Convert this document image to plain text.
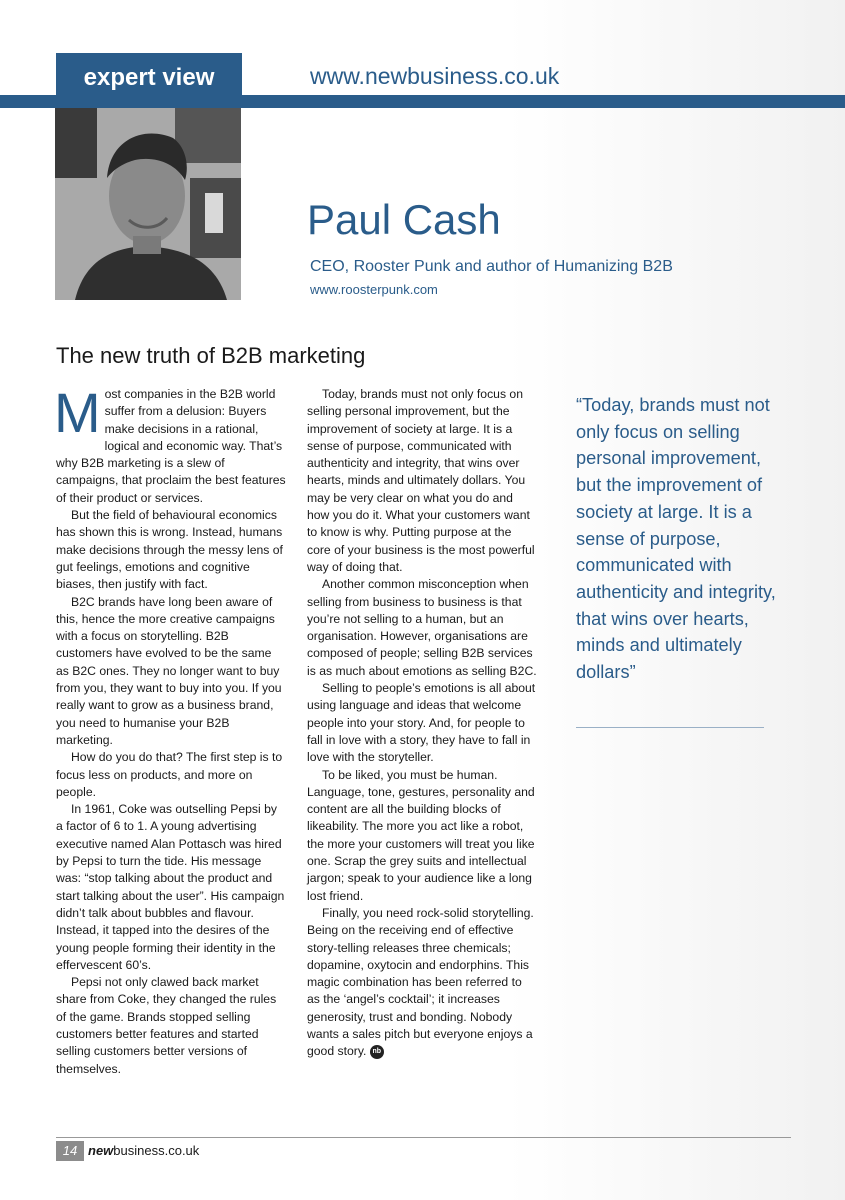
expert view	www.newbusiness.co.uk
Paul Cash
CEO, Rooster Punk and author of Humanizing B2B
www.roosterpunk.com
The new truth of B2B marketing

Most companies in the B2B world suffer from a delusion: Buyers make decisions in a rational, logical and economic way. That’s why B2B marketing is a slew of campaigns, that proclaim the best features of their product or services.

But the field of behavioural economics has shown this is wrong. Instead, humans make decisions through the messy lens of gut feelings, emotions and cognitive biases, then justify with fact.

B2C brands have long been aware of this, hence the more creative campaigns with a focus on storytelling. B2B customers have evolved to be the same as B2C ones. They no longer want to buy from you, they want to buy into you. If you really want to grow as a business brand, you need to humanise your B2B marketing.

How do you do that? The first step is to focus less on products, and more on people.

In 1961, Coke was outselling Pepsi by a factor of 6 to 1. A young advertising executive named Alan Pottasch was hired by Pepsi to turn the tide. His message was: “stop talking about the product and start talking about the user”. His campaign didn’t talk about bubbles and flavour. Instead, it tapped into the desires of the young people forming their identity in the effervescent 60’s.

Pepsi not only clawed back market share from Coke, they changed the rules of the game. Brands stopped selling customers better features and started selling customers better versions of themselves.

Today, brands must not only focus on selling personal improvement, but the improvement of society at large. It is a sense of purpose, communicated with authenticity and integrity, that wins over hearts, minds and ultimately dollars. You may be very clear on what you do and how you do it. What your customers want to know is why. Putting purpose at the core of your business is the most powerful way of doing that.

Another common misconception when selling from business to business is that you’re not selling to a human, but an organisation. However, organisations are composed of people; selling B2B services is as much about emotions as selling B2C.

Selling to people’s emotions is all about using language and ideas that welcome people into your story. And, for people to fall in love with a story, they have to fall in love with the storyteller.

To be liked, you must be human. Language, tone, gestures, personality and content are all the building blocks of likeability. The more you act like a robot, the more your customers will treat you like one. Scrap the grey suits and intellectual jargon; speak to your audience like a long lost friend.

Finally, you need rock-solid storytelling. Being on the receiving end of effective story-telling releases three chemicals; dopamine, oxytocin and endorphins. This magic combination has been referred to as the ‘angel’s cocktail’; it increases generosity, trust and bonding. Nobody wants a sales pitch but everyone enjoys a good story. nb

“Today, brands must not only focus on selling personal improvement, but the improvement of society at large. It is a sense of purpose, communicated with authenticity and integrity, that wins over hearts, minds and ultimately dollars”
14 newbusiness.co.uk
